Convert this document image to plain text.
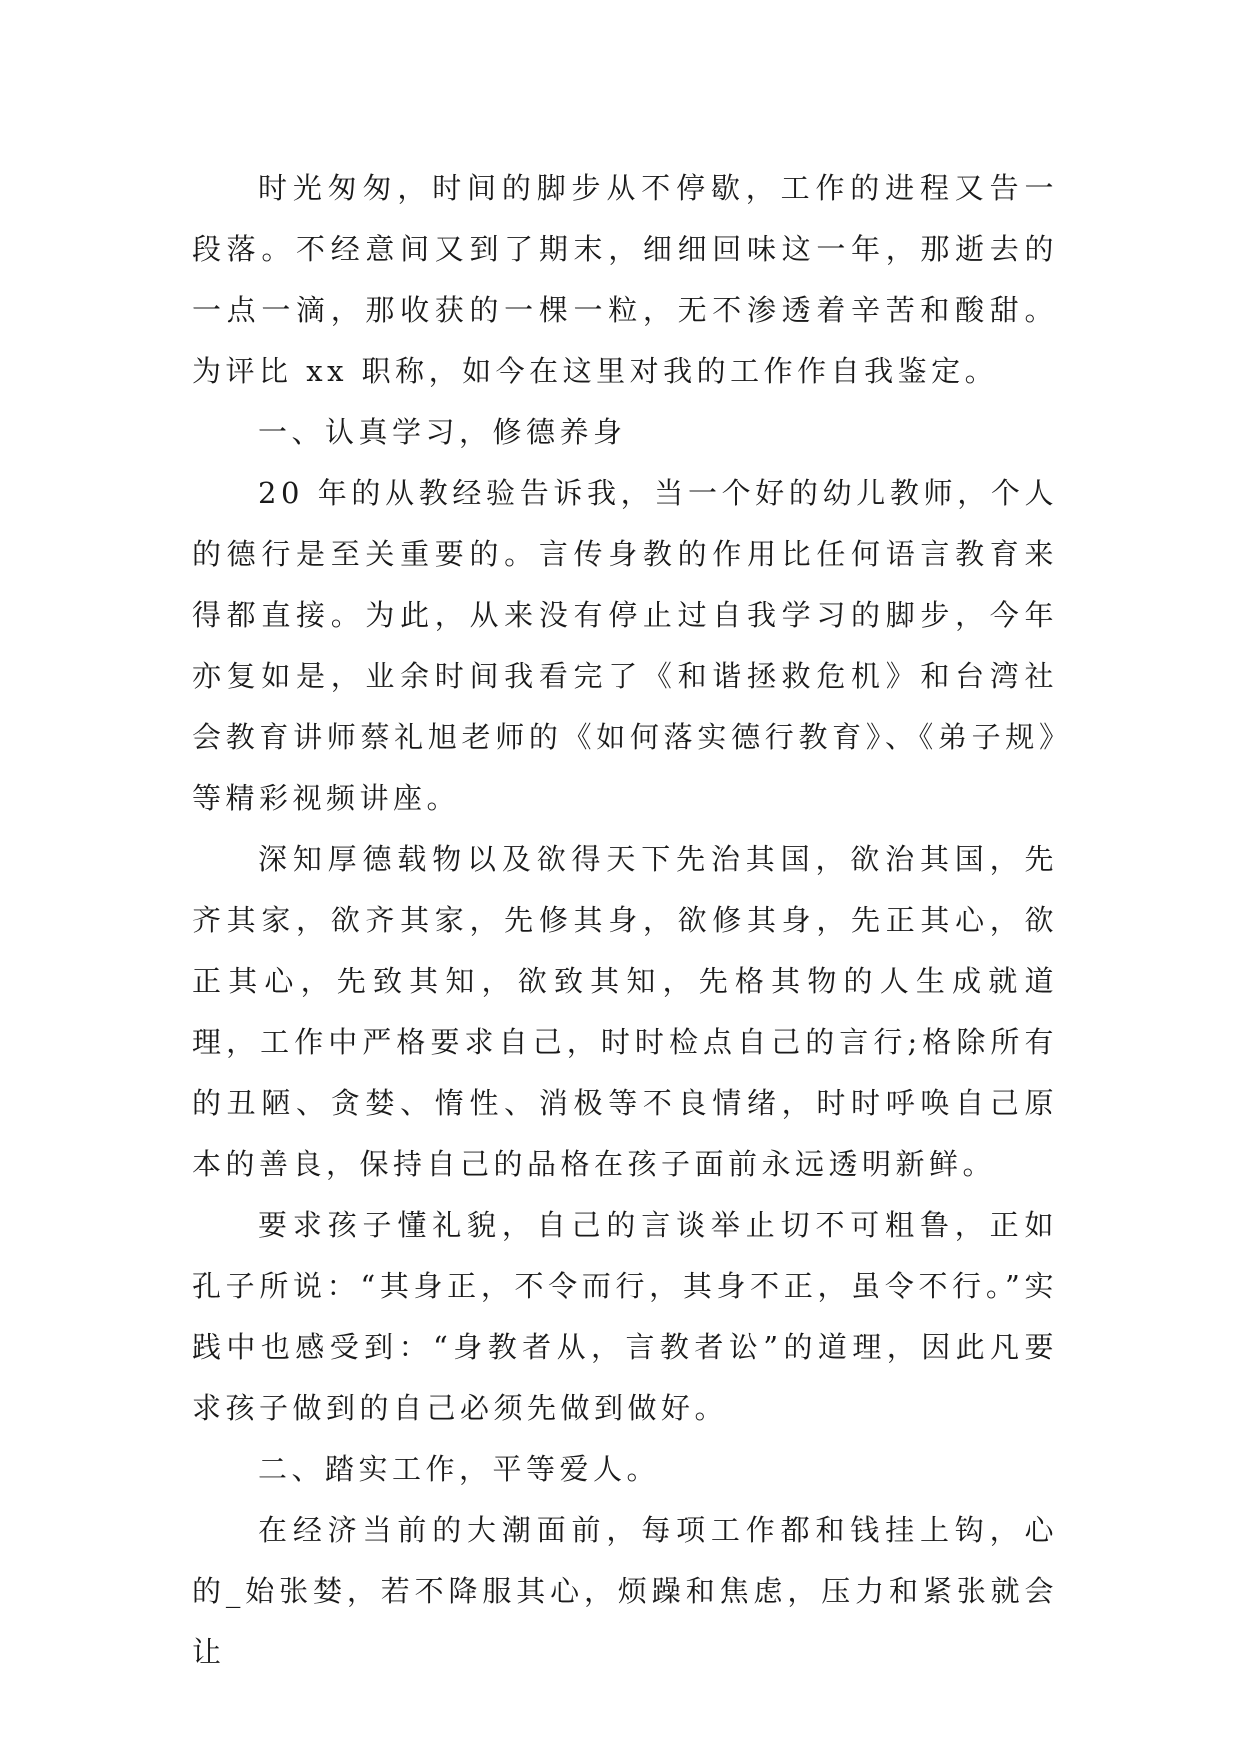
时光匆匆，时间的脚步从不停歇，工作的进程又告一段落。不经意间又到了期末，细细回味这一年，那逝去的一点一滴，那收获的一棵一粒，无不渗透着辛苦和酸甜。为评比 xx 职称，如今在这里对我的工作作自我鉴定。

一、认真学习，修德养身

20 年的从教经验告诉我，当一个好的幼儿教师，个人的德行是至关重要的。言传身教的作用比任何语言教育来得都直接。为此，从来没有停止过自我学习的脚步，今年亦复如是，业余时间我看完了《和谐拯救危机》和台湾社会教育讲师蔡礼旭老师的《如何落实德行教育》、《弟子规》等精彩视频讲座。

深知厚德载物以及欲得天下先治其国，欲治其国，先齐其家，欲齐其家，先修其身，欲修其身，先正其心，欲正其心，先致其知，欲致其知，先格其物的人生成就道理，工作中严格要求自己，时时检点自己的言行;格除所有的丑陋、贪婪、惰性、消极等不良情绪，时时呼唤自己原本的善良，保持自己的品格在孩子面前永远透明新鲜。

要求孩子懂礼貌，自己的言谈举止切不可粗鲁，正如孔子所说：“其身正，不令而行，其身不正，虽令不行。”实践中也感受到：“身教者从，言教者讼”的道理，因此凡要求孩子做到的自己必须先做到做好。

二、踏实工作，平等爱人。

在经济当前的大潮面前，每项工作都和钱挂上钩，心的_始张婪，若不降服其心，烦躁和焦虑，压力和紧张就会让
